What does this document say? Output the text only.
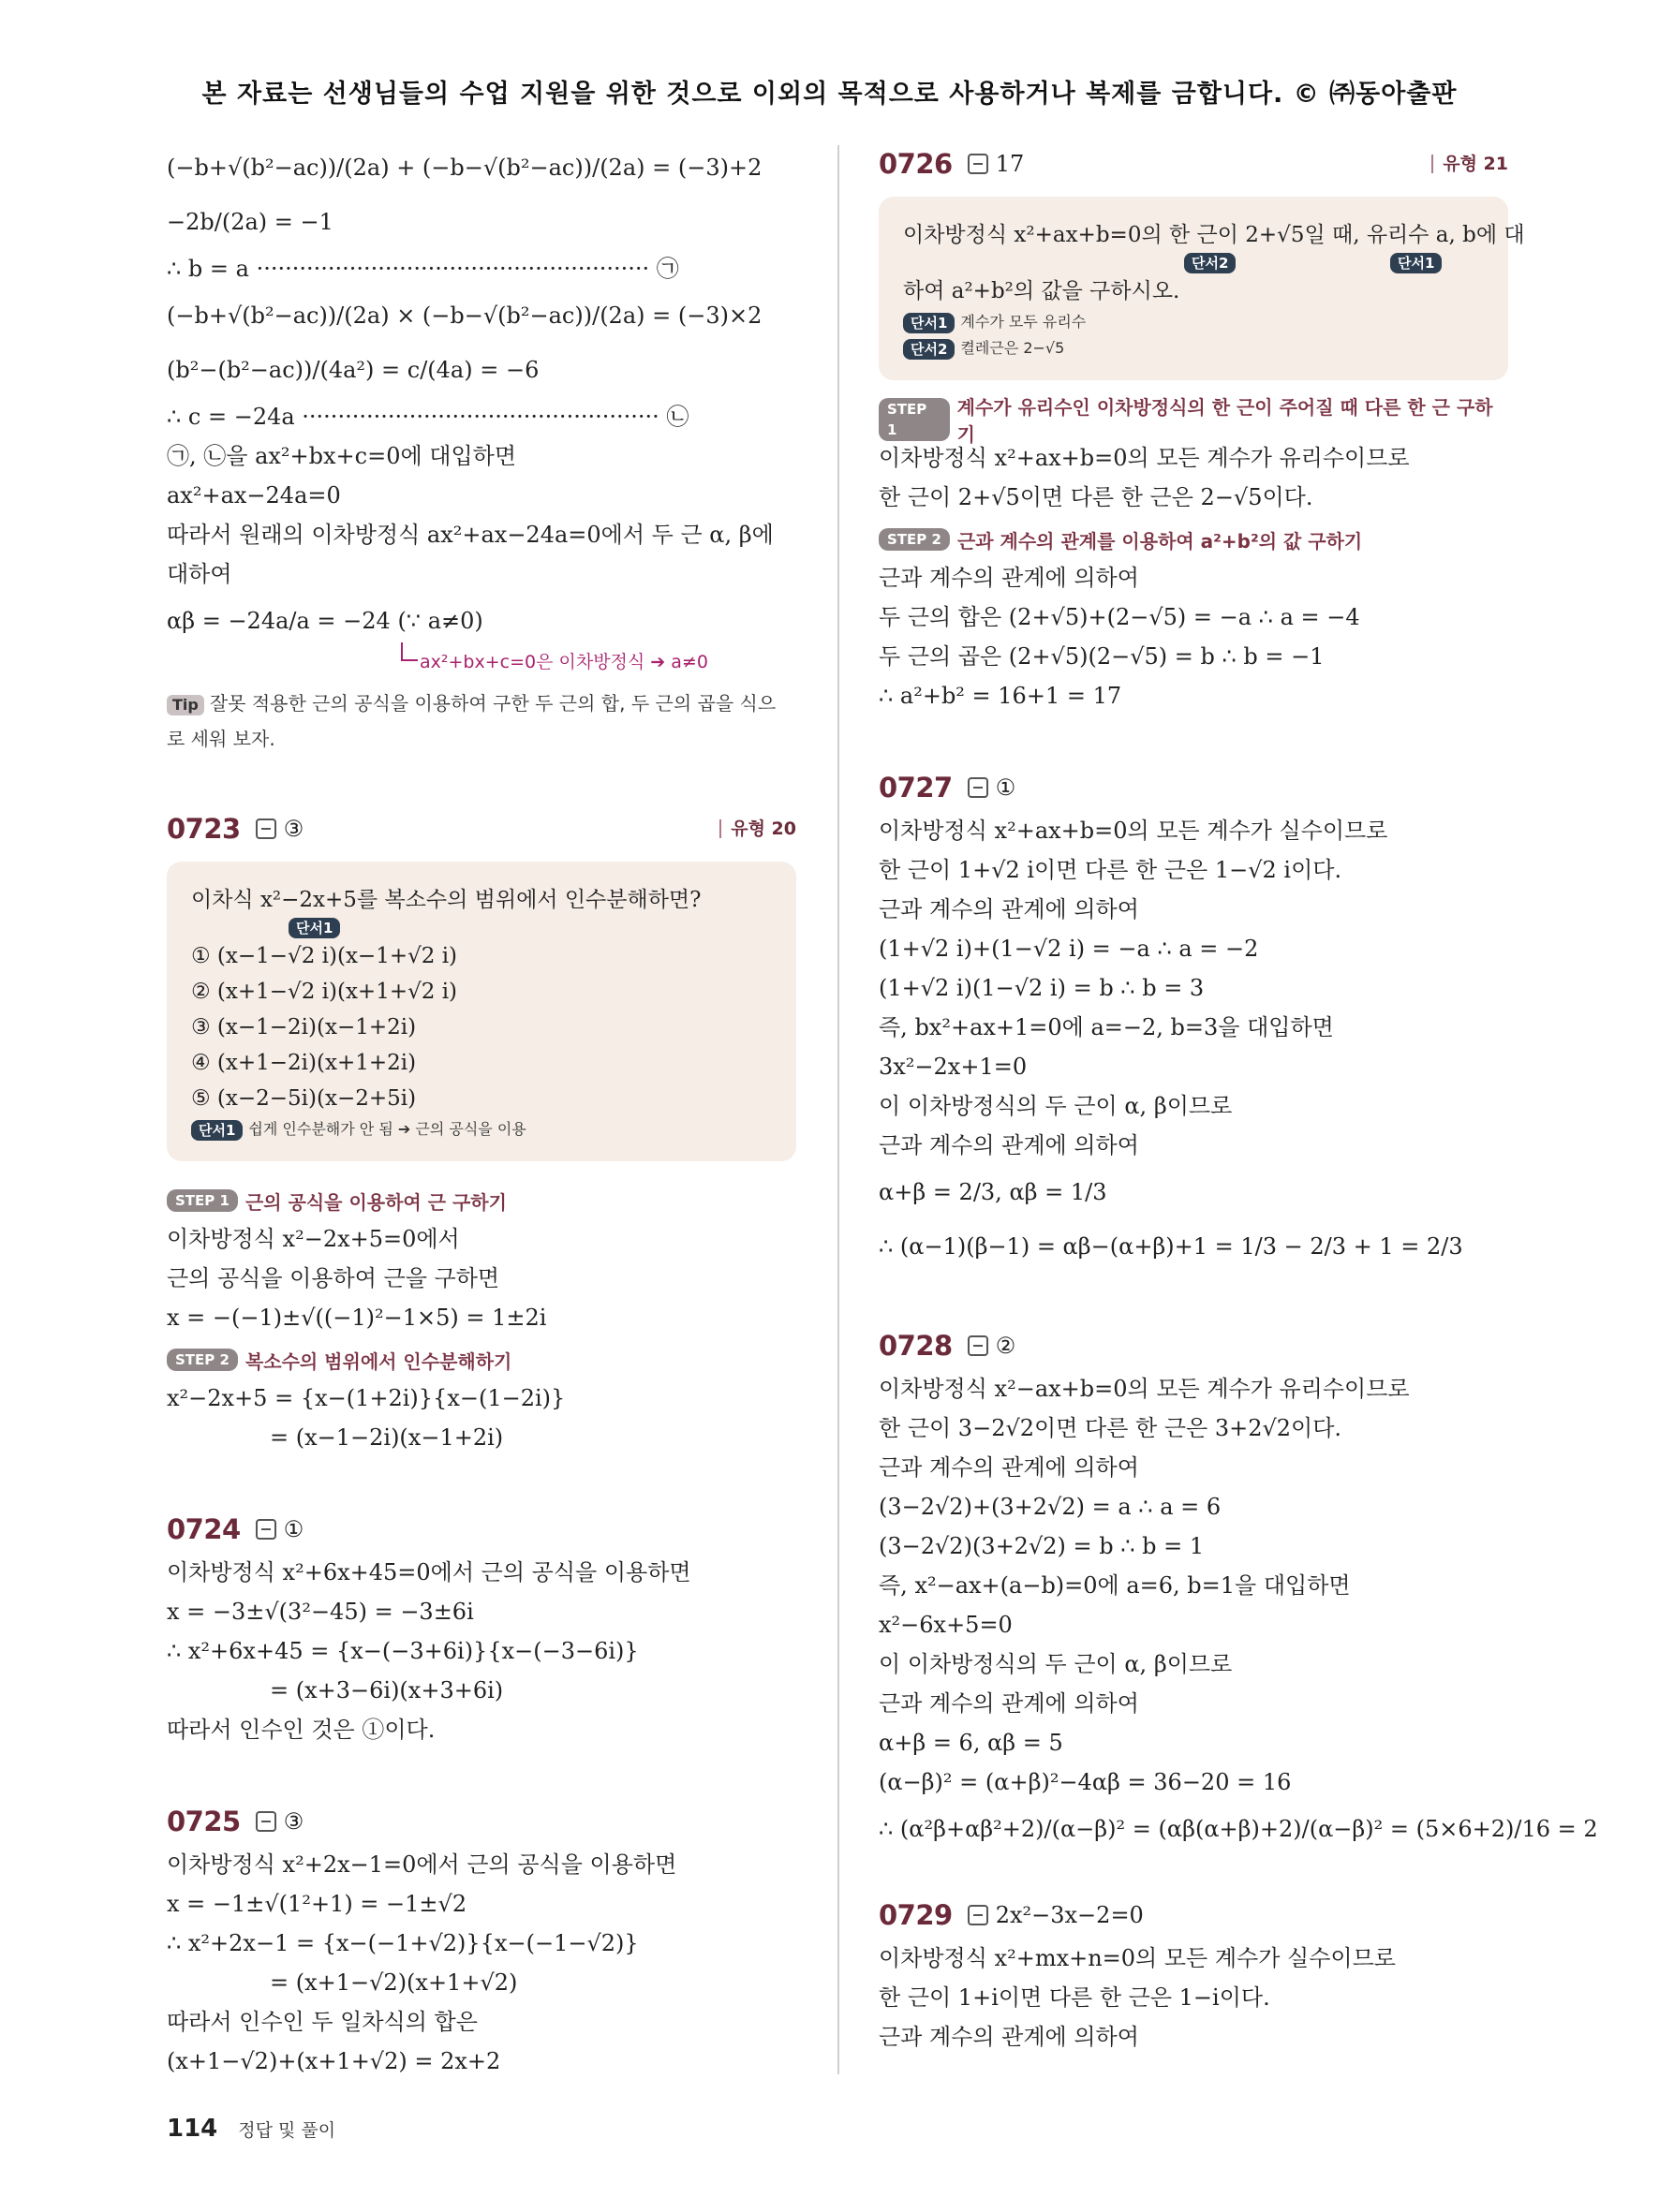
본 자료는 선생님들의 수업 지원을 위한 것으로 이외의 목적으로 사용하거나 복제를 금합니다. © ㈜동아출판
(−b+√(b²−ac))/(2a) + (−b−√(b²−ac))/(2a) = (−3)+2
−2b/(2a) = −1
∴ b = a ······················································· ㉠
(−b+√(b²−ac))/(2a) × (−b−√(b²−ac))/(2a) = (−3)×2
(b²−(b²−ac))/(4a²) = c/(4a) = −6
∴ c = −24a ·················································· ㉡
㉠, ㉡을 ax²+bx+c=0에 대입하면
ax²+ax−24a=0
따라서 원래의 이차방정식 ax²+ax−24a=0에서 두 근 α, β에
대하여
αβ = −24a/a = −24 (∵ a≠0)
ax²+bx+c=0은 이차방정식 ➔ a≠0
Tip 잘못 적용한 근의 공식을 이용하여 구한 두 근의 합, 두 근의 곱을 식으
로 세워 보자.
0723 ③	유형 20
이차식 x²−2x+5를 복소수의 범위에서 인수분해하면?
단서1
① (x−1−√2 i)(x−1+√2 i)
② (x+1−√2 i)(x+1+√2 i)
③ (x−1−2i)(x−1+2i)
④ (x+1−2i)(x+1+2i)
⑤ (x−2−5i)(x−2+5i)
단서1 쉽게 인수분해가 안 됨 ➔ 근의 공식을 이용
STEP 1 근의 공식을 이용하여 근 구하기
이차방정식 x²−2x+5=0에서
근의 공식을 이용하여 근을 구하면
x = −(−1)±√((−1)²−1×5) = 1±2i
STEP 2 복소수의 범위에서 인수분해하기
x²−2x+5 = {x−(1+2i)}{x−(1−2i)}
= (x−1−2i)(x−1+2i)
0724 ①
이차방정식 x²+6x+45=0에서 근의 공식을 이용하면
x = −3±√(3²−45) = −3±6i
∴ x²+6x+45 = {x−(−3+6i)}{x−(−3−6i)}
= (x+3−6i)(x+3+6i)
따라서 인수인 것은 ①이다.
0725 ③
이차방정식 x²+2x−1=0에서 근의 공식을 이용하면
x = −1±√(1²+1) = −1±√2
∴ x²+2x−1 = {x−(−1+√2)}{x−(−1−√2)}
= (x+1−√2)(x+1+√2)
따라서 인수인 두 일차식의 합은
(x+1−√2)+(x+1+√2) = 2x+2
0726 17	유형 21
이차방정식 x²+ax+b=0의 한 근이 2+√5일 때, 유리수 a, b에 대
단서2	단서1
하여 a²+b²의 값을 구하시오.
단서1 계수가 모두 유리수
단서2 켤레근은 2−√5
STEP 1
계수가 유리수인 이차방정식의 한 근이 주어질 때 다른 한 근 구하기
이차방정식 x²+ax+b=0의 모든 계수가 유리수이므로
한 근이 2+√5이면 다른 한 근은 2−√5이다.
STEP 2 근과 계수의 관계를 이용하여 a²+b²의 값 구하기
근과 계수의 관계에 의하여
두 근의 합은 (2+√5)+(2−√5) = −a ∴ a = −4
두 근의 곱은 (2+√5)(2−√5) = b ∴ b = −1
∴ a²+b² = 16+1 = 17
0727 ①
이차방정식 x²+ax+b=0의 모든 계수가 실수이므로
한 근이 1+√2 i이면 다른 한 근은 1−√2 i이다.
근과 계수의 관계에 의하여
(1+√2 i)+(1−√2 i) = −a ∴ a = −2
(1+√2 i)(1−√2 i) = b ∴ b = 3
즉, bx²+ax+1=0에 a=−2, b=3을 대입하면
3x²−2x+1=0
이 이차방정식의 두 근이 α, β이므로
근과 계수의 관계에 의하여
α+β = 2/3, αβ = 1/3
∴ (α−1)(β−1) = αβ−(α+β)+1 = 1/3 − 2/3 + 1 = 2/3
0728 ②
이차방정식 x²−ax+b=0의 모든 계수가 유리수이므로
한 근이 3−2√2이면 다른 한 근은 3+2√2이다.
근과 계수의 관계에 의하여
(3−2√2)+(3+2√2) = a ∴ a = 6
(3−2√2)(3+2√2) = b ∴ b = 1
즉, x²−ax+(a−b)=0에 a=6, b=1을 대입하면
x²−6x+5=0
이 이차방정식의 두 근이 α, β이므로
근과 계수의 관계에 의하여
α+β = 6, αβ = 5
(α−β)² = (α+β)²−4αβ = 36−20 = 16
∴ (α²β+αβ²+2)/(α−β)² = (αβ(α+β)+2)/(α−β)² = (5×6+2)/16 = 2
0729 2x²−3x−2=0
이차방정식 x²+mx+n=0의 모든 계수가 실수이므로
한 근이 1+i이면 다른 한 근은 1−i이다.
근과 계수의 관계에 의하여
114 정답 및 풀이
